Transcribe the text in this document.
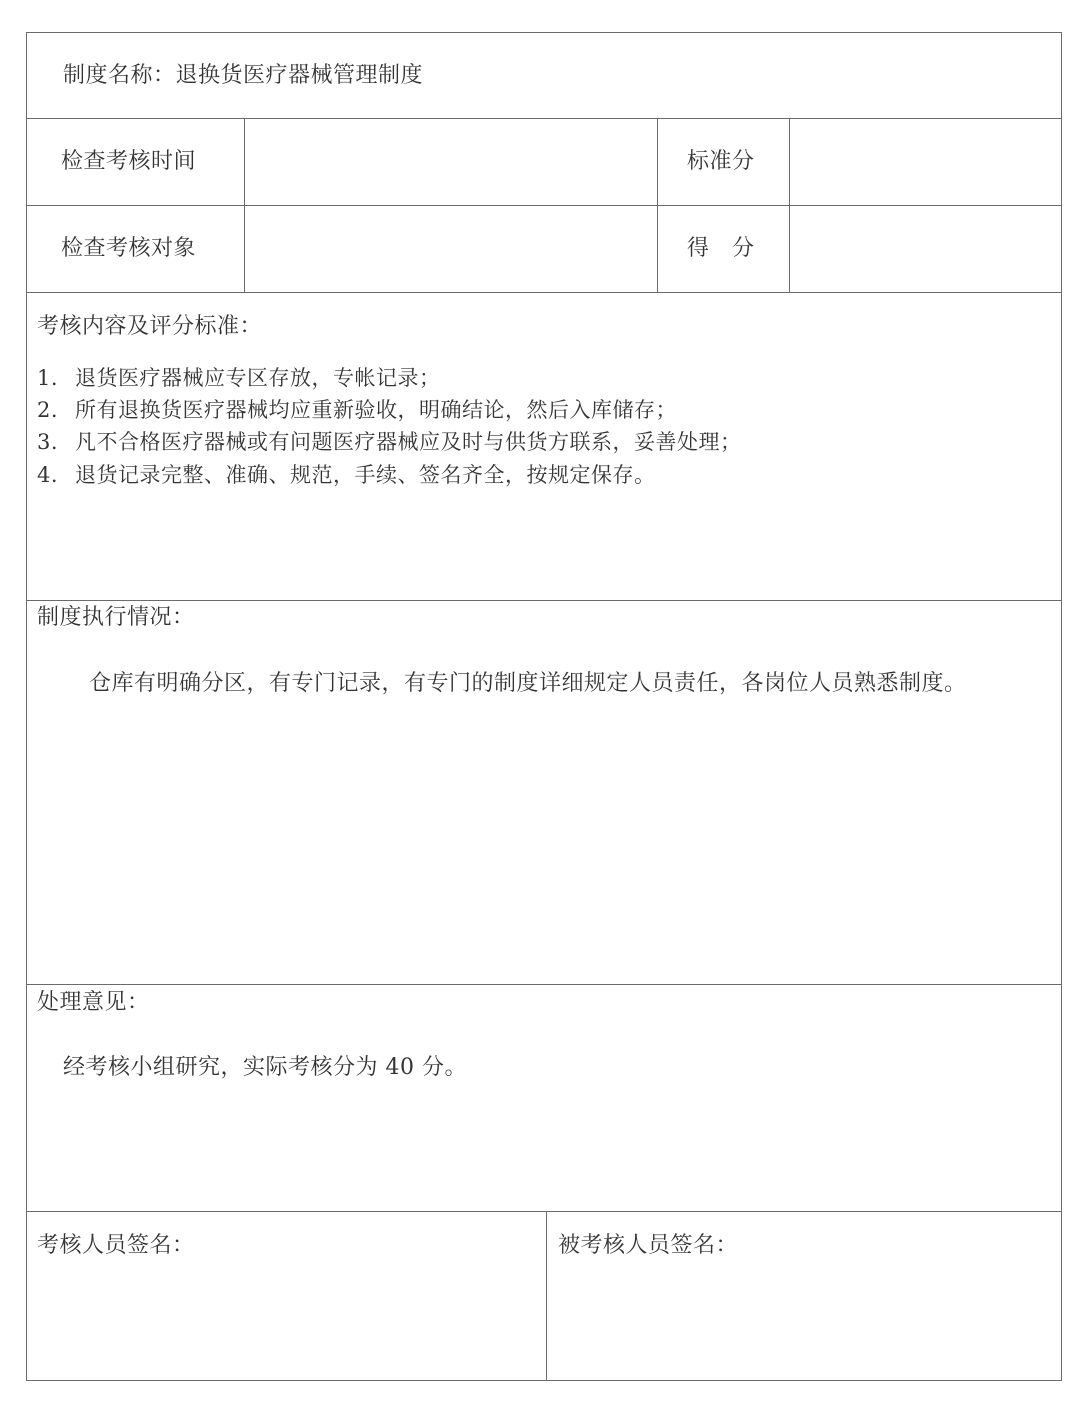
制度名称：退换货医疗器械管理制度
检查考核时间	标准分
检查考核对象	得　分
考核内容及评分标准：
1. 退货医疗器械应专区存放，专帐记录；
2. 所有退换货医疗器械均应重新验收，明确结论，然后入库储存；
3. 凡不合格医疗器械或有问题医疗器械应及时与供货方联系，妥善处理；
4. 退货记录完整、准确、规范，手续、签名齐全，按规定保存。
制度执行情况：
仓库有明确分区，有专门记录，有专门的制度详细规定人员责任，各岗位人员熟悉制度。
处理意见：
经考核小组研究，实际考核分为 40 分。
考核人员签名：	被考核人员签名：
